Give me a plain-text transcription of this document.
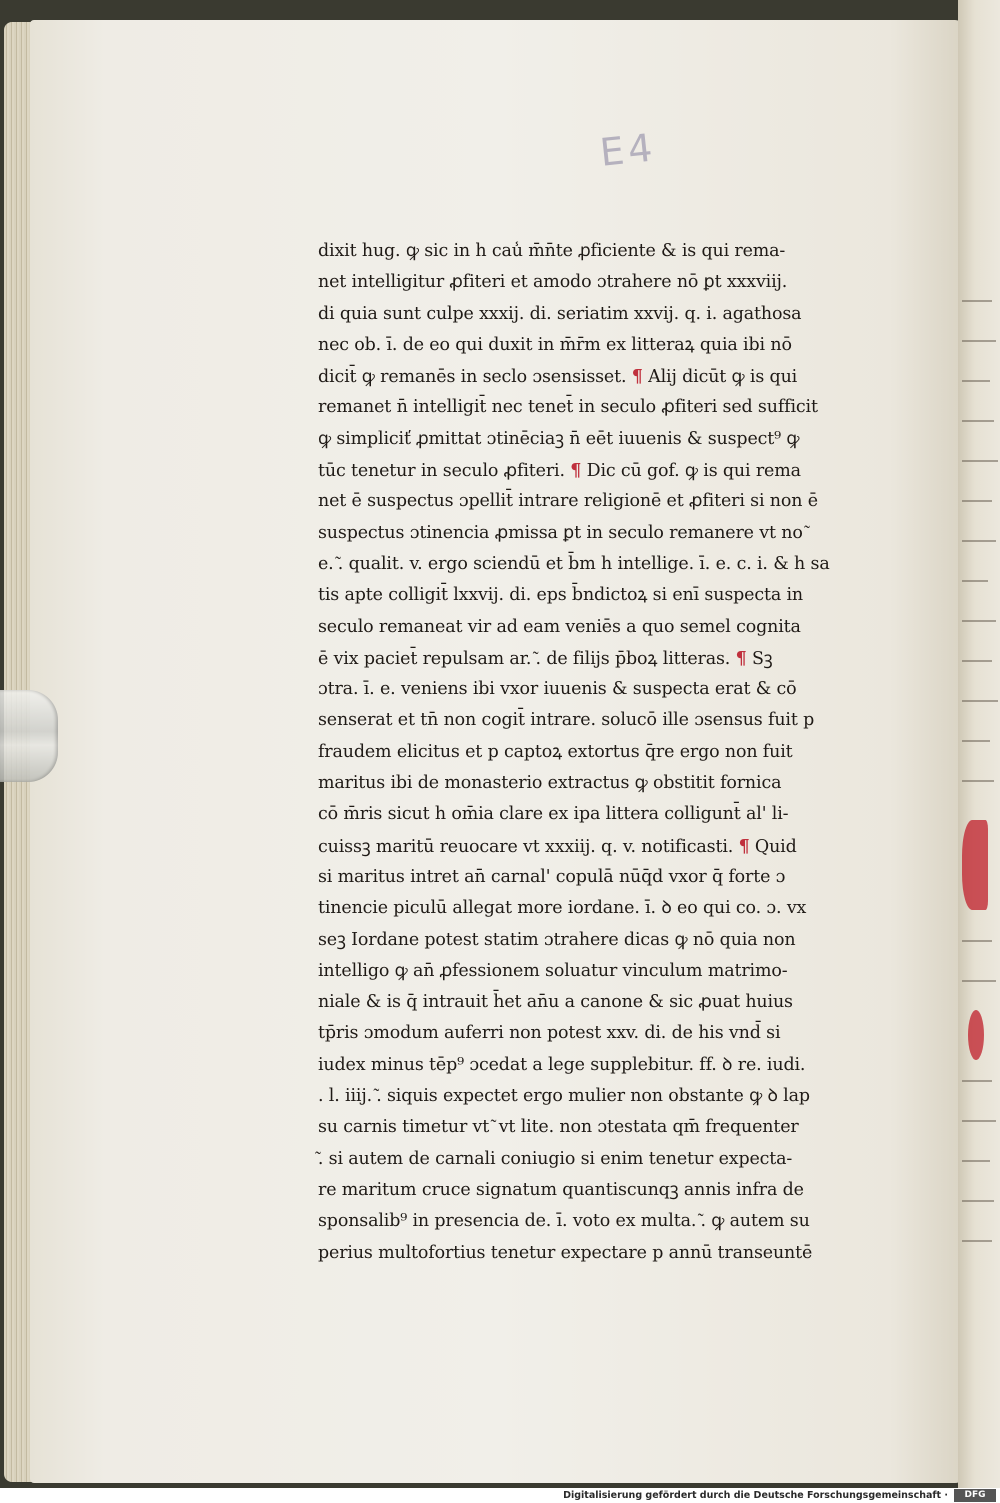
E4
dixit hug. ꝙ sic in h cau̾ m̄n̄te ꝓficiente & is qui rema-
net intelligitur ꝓfiteri et amodo ɔtrahere nō ꝑt xxxviij.
di quia sunt culpe xxxij. di. seriatim xxvij. q. i. agathosa
nec ob. ī. de eo qui duxit in m̄r̄m ex litteraꝝ quia ibi nō
dicit̄ ꝙ remanēs in seclo ɔsensisset. ¶ Alij dicūt ꝙ is qui
remanet n̄ intelligit̄ nec tenet̄ in seculo ꝓfiteri sed sufficit
ꝙ simpliciť ꝓmittat ɔtinēciaꝫ n̄ eēt iuuenis & suspect⁹ ꝙ
tūc tenetur in seculo ꝓfiteri. ¶ Dic cū gof. ꝙ is qui rema
net ē suspectus ɔpellit̄ intrare religionē et ꝓfiteri si non ē
suspectus ɔtinencia ꝓmissa ꝑt in seculo remanere vt no ͂
e. ͂. qualit. v. ergo sciendū et b̄m h intellige. ī. e. c. i. & h sa
tis apte colligit̄ lxxvij. di. eps b̄ndictoꝝ si enī suspecta in
seculo remaneat vir ad eam veniēs a quo semel cognita
ē vix paciet̄ repulsam ar. ͂. de filijs p̄boꝝ litteras. ¶ Sꝫ
ɔtra. ī. e. veniens ibi vxor iuuenis & suspecta erat & cō
senserat et tn̄ non cogit̄ intrare. solucō ille ɔsensus fuit p
fraudem elicitus et p captoꝝ extortus q̄re ergo non fuit
maritus ibi de monasterio extractus ꝙ obstitit fornica
cō m̄ris sicut h om̄ia clare ex ipa littera colligunt̄ al' li-
cuissꝫ maritū reuocare vt xxxiij. q. v. notificasti. ¶ Quid
si maritus intret an̄ carnal' copulā nūq̄d vxor q̄ forte ɔ
tinencie piculū allegat more iordane. ī. ꝺ eo qui co. ɔ. vx
seꝫ Iordane potest statim ɔtrahere dicas ꝙ nō quia non
intelligo ꝙ an̄ ꝓfessionem soluatur vinculum matrimo-
niale & is q̄ intrauit h̄et an̄u a canone & sic ꝓuat huius
tp̄ris ɔmodum auferri non potest xxv. di. de his vnd̄ si
iudex minus tēp⁹ ɔcedat a lege supplebitur. ff. ꝺ re. iudi.
. l. iiij. ͂. siquis expectet ergo mulier non obstante ꝙ ꝺ lap
su carnis timetur vt ͂ vt lite. non ɔtestata qm̄ frequenter
͂. si autem de carnali coniugio si enim tenetur expecta-
re maritum cruce signatum quantiscunqꝫ annis infra de
sponsalib⁹ in presencia de. ī. voto ex multa. ͂. ꝙ autem su
perius multofortius tenetur expectare p annū transeuntē
Digitalisierung gefördert durch die Deutsche Forschungsgemeinschaft ·	DFG
